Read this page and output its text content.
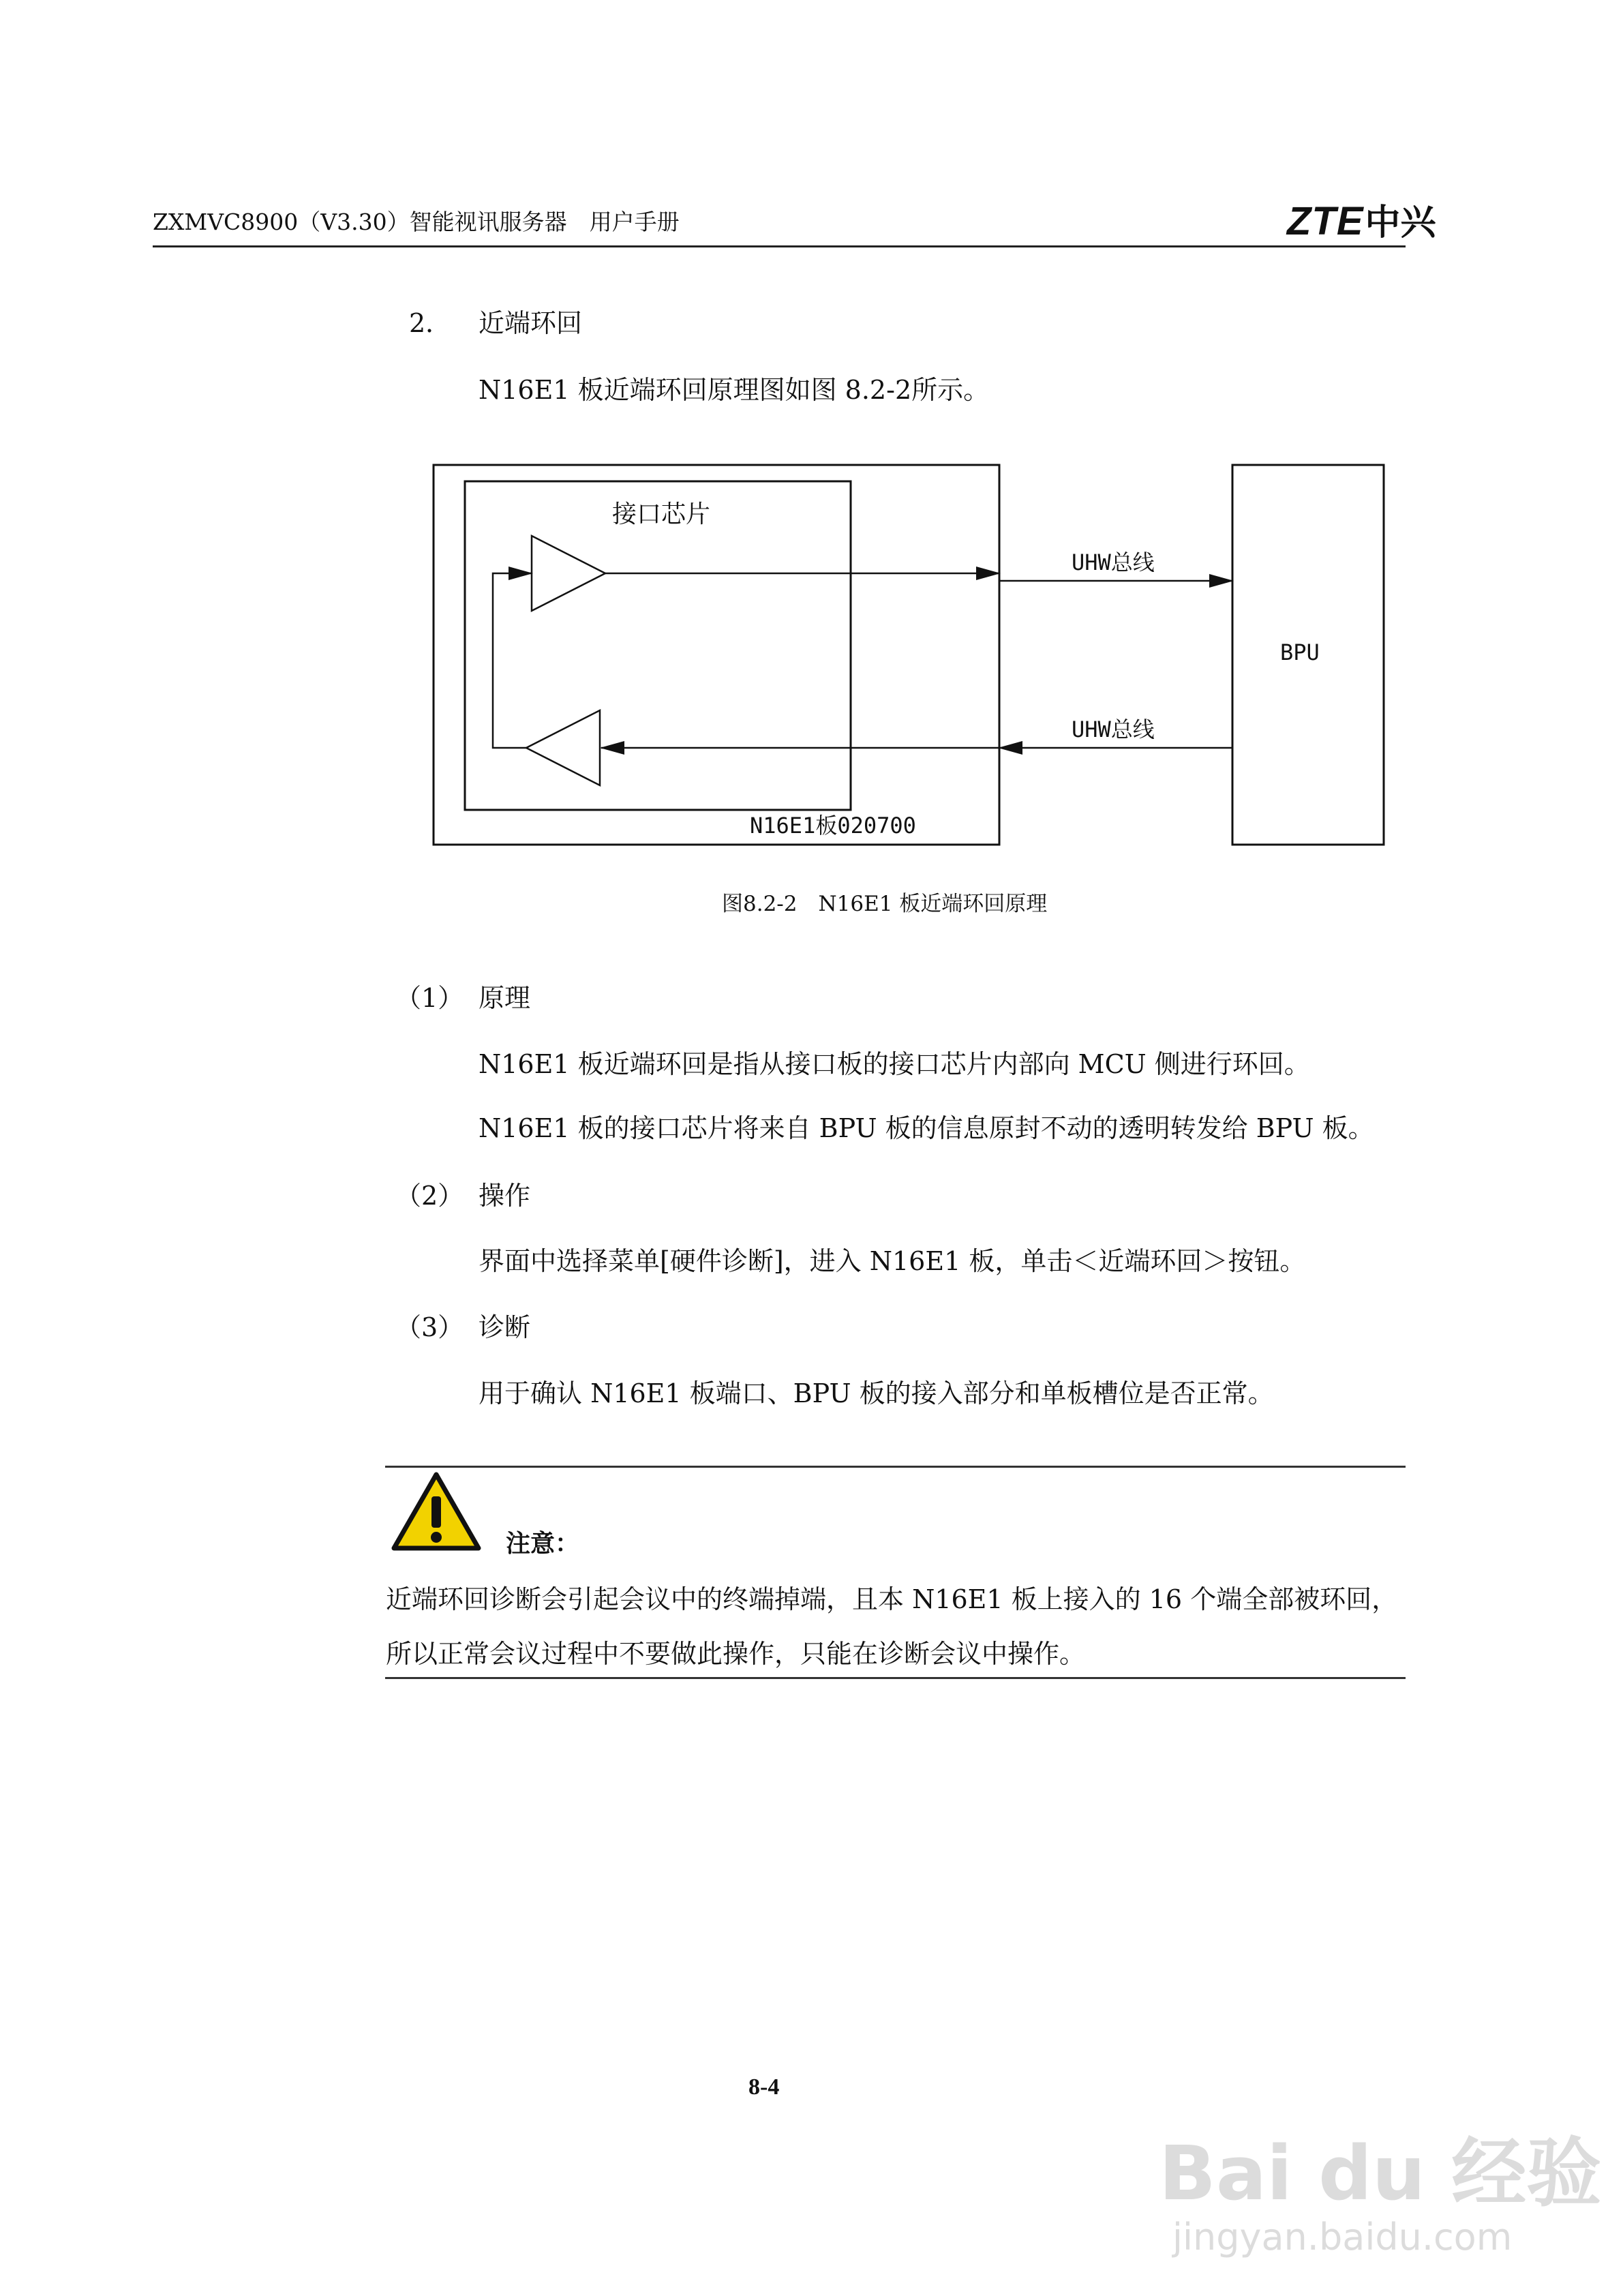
ZXMVC8900（V3.30）智能视讯服务器　用户手册	ZTE中兴
2． 近端环回
N16E1 板近端环回原理图如图 8.2-2所示。
接口芯片
BPU
UHW总线
UHW总线
N16E1板020700
图8.2-2　N16E1 板近端环回原理
（1） 原理
N16E1 板近端环回是指从接口板的接口芯片内部向 MCU 侧进行环回。
N16E1 板的接口芯片将来自 BPU 板的信息原封不动的透明转发给 BPU 板。
（2） 操作
界面中选择菜单[硬件诊断]，进入 N16E1 板，单击＜近端环回＞按钮。
（3） 诊断
用于确认 N16E1 板端口、BPU 板的接入部分和单板槽位是否正常。
注意：
近端环回诊断会引起会议中的终端掉端，且本 N16E1 板上接入的 16 个端全部被环回，所以正常会议过程中不要做此操作，只能在诊断会议中操作。
8-4
Bai du 经验
jingyan.baidu.com
